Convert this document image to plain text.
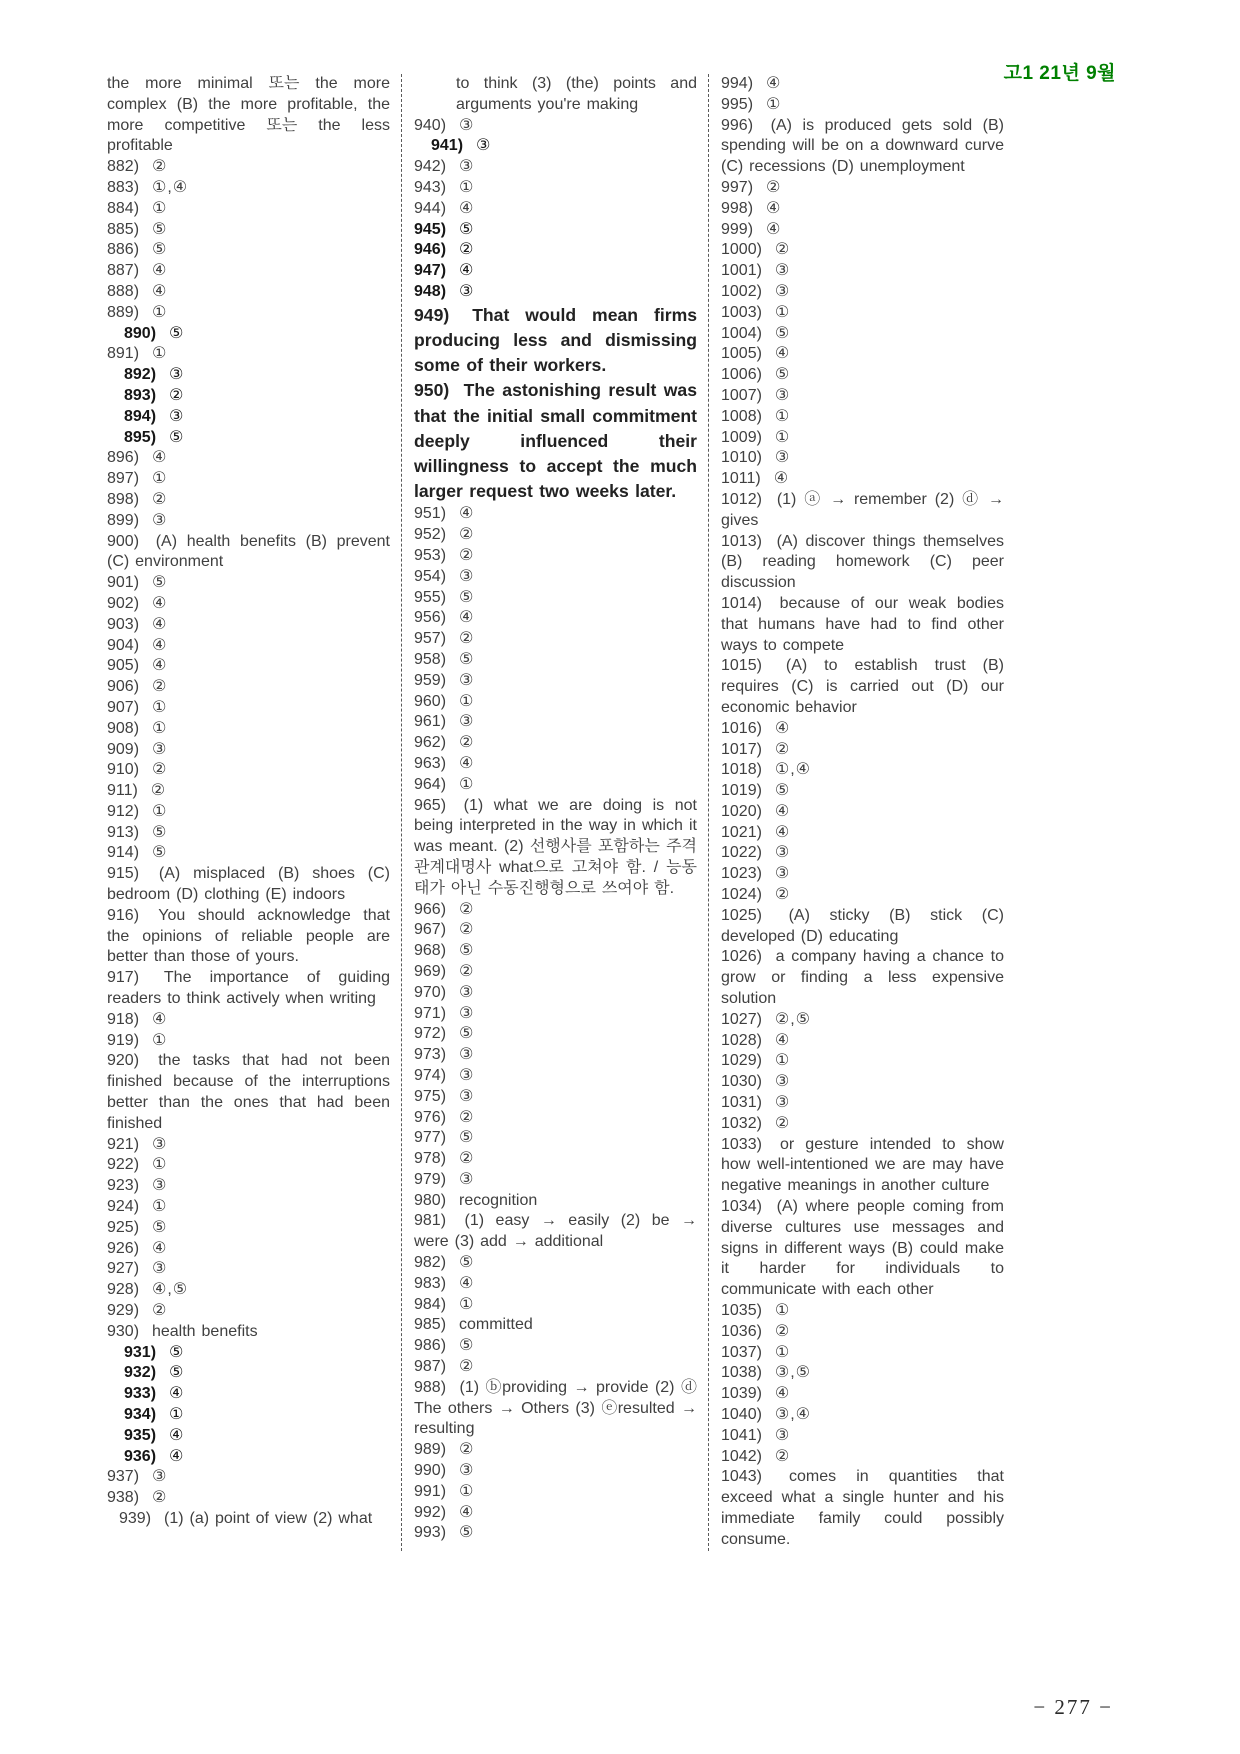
고1 21년 9월
the more minimal 또는 the more complex (B) the more profitable, the more competitive 또는 the less profitable
882) ②
883) ①,④
884) ①
885) ⑤
886) ⑤
887) ④
888) ④
889) ①
890) ⑤
891) ①
892) ③
893) ②
894) ③
895) ⑤
896) ④
897) ①
898) ②
899) ③
900) (A) health benefits (B) prevent (C) environment
901) ⑤
902) ④
903) ④
904) ④
905) ④
906) ②
907) ①
908) ①
909) ③
910) ②
911) ②
912) ①
913) ⑤
914) ⑤
915) (A) misplaced (B) shoes (C) bedroom (D) clothing (E) indoors
916) You should acknowledge that the opinions of reliable people are better than those of yours.
917) The importance of guiding readers to think actively when writing
918) ④
919) ①
920) the tasks that had not been finished because of the interruptions better than the ones that had been finished
921) ③
922) ①
923) ③
924) ①
925) ⑤
926) ④
927) ③
928) ④,⑤
929) ②
930) health benefits
931) ⑤
932) ⑤
933) ④
934) ①
935) ④
936) ④
937) ③
938) ②
939) (1) (a) point of view (2) what
to think (3) (the) points and arguments you're making
940) ③
941) ③
942) ③
943) ①
944) ④
945) ⑤
946) ②
947) ④
948) ③
949) That would mean firms producing less and dismissing some of their workers.
950) The astonishing result was that the initial small commitment deeply influenced their willingness to accept the much larger request two weeks later.
951) ④
952) ②
953) ②
954) ③
955) ⑤
956) ④
957) ②
958) ⑤
959) ③
960) ①
961) ③
962) ②
963) ④
964) ①
965) (1) what we are doing is not being interpreted in the way in which it was meant. (2) 선행사를 포함하는 주격 관계대명사 what으로 고쳐야 함. / 능동태가 아닌 수동진행형으로 쓰여야 함.
966) ②
967) ②
968) ⑤
969) ②
970) ③
971) ③
972) ⑤
973) ③
974) ③
975) ③
976) ②
977) ⑤
978) ②
979) ③
980) recognition
981) (1) easy → easily (2) be → were (3) add → additional
982) ⑤
983) ④
984) ①
985) committed
986) ⑤
987) ②
988) (1) ⓑproviding → provide (2) ⓓ The others → Others (3) ⓔresulted → resulting
989) ②
990) ③
991) ①
992) ④
993) ⑤
994) ④
995) ①
996) (A) is produced gets sold (B) spending will be on a downward curve (C) recessions (D) unemployment
997) ②
998) ④
999) ④
1000) ②
1001) ③
1002) ③
1003) ①
1004) ⑤
1005) ④
1006) ⑤
1007) ③
1008) ①
1009) ①
1010) ③
1011) ④
1012) (1) ⓐ → remember (2) ⓓ → gives
1013) (A) discover things themselves (B) reading homework (C) peer discussion
1014) because of our weak bodies that humans have had to find other ways to compete
1015) (A) to establish trust (B) requires (C) is carried out (D) our economic behavior
1016) ④
1017) ②
1018) ①,④
1019) ⑤
1020) ④
1021) ④
1022) ③
1023) ③
1024) ②
1025) (A) sticky (B) stick (C) developed (D) educating
1026) a company having a chance to grow or finding a less expensive solution
1027) ②,⑤
1028) ④
1029) ①
1030) ③
1031) ③
1032) ②
1033) or gesture intended to show how well-intentioned we are may have negative meanings in another culture
1034) (A) where people coming from diverse cultures use messages and signs in different ways (B) could make it harder for individuals to communicate with each other
1035) ①
1036) ②
1037) ①
1038) ③,⑤
1039) ④
1040) ③,④
1041) ③
1042) ②
1043) comes in quantities that exceed what a single hunter and his immediate family could possibly consume.
− 277 −
